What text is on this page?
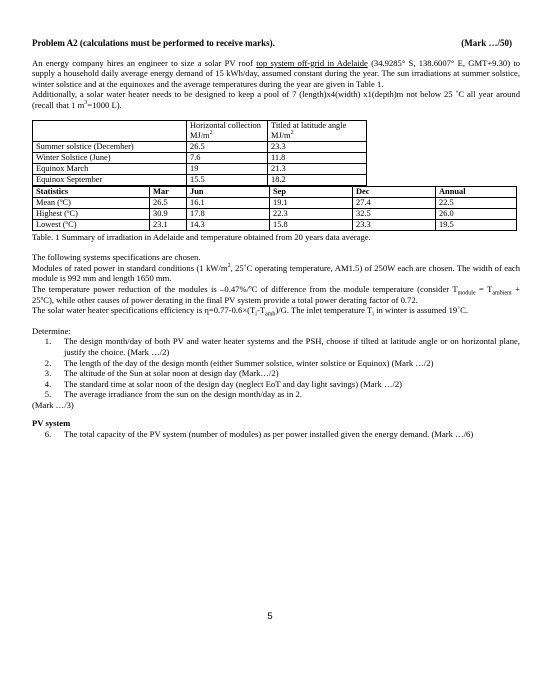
Problem A2 (calculations must be performed to receive marks).	(Mark …/50)

An energy company hires an engineer to size a solar PV roof top system off-grid in Adelaide (34.9285° S, 138.6007° E, GMT+9.30) to supply a household daily average energy demand of 15 kWh/day, assumed constant during the year. The sun irradiations at summer solstice, winter solstice and at the equinoxes and the average temperatures during the year are given in Table 1.

Additionally, a solar water heater needs to be designed to keep a pool of 7 (length)x4(width) x1(depth)m not below 25 ˚C all year around (recall that 1 $m^3=1000$ L).

	Horizontal collection $MJ/m^2$	Titled at latitude angle $MJ/m^2$
Summer solstice (December)	26.5	23.3
Winter Solstice (June)	7.6	11.8
Equinox March	19	21.3
Equinox September	15.5	18.2
Statistics	Mar	Jun	Sep	Dec	Annual
Mean (ºC)	26.5	16.1	19.1	27.4	22.5
Highest (ºC)	30.9	17.8	22.3	32.5	26.0
Lowest (ºC)	23.1	14.3	15.8	23.3	19.5

Table. 1 Summary of irradiation in Adelaide and temperature obtained from 20 years data average.

The following systems specifications are chosen.

Modules of rated power in standard conditions (1 $kW/m^2$, 25˚C operating temperature, AM1.5) of 250W each are chosen. The width of each module is 992 mm and length 1650 mm.

The temperature power reduction of the modules is –0.47%/ºC of difference from the module temperature (consider $T_{module} = T_{ambient}$ + 25ºC), while other causes of power derating in the final PV system provide a total power derating factor of 0.72.

The solar water heater specifications efficiency is $\eta=0.77-0.6\times(T_i-T_{amb})/G$. The inlet temperature $T_i$ in winter is assumed 19˚C.

Determine:

1.	The design month/day of both PV and water heater systems and the PSH, choose if tilted at latitude angle or on horizontal plane, justify the choice. (Mark …/2)

2.	The length of the day of the design month (either Summer solstice, winter solstice or Equinox) (Mark …/2)

3.	The altitude of the Sun at solar noon at design day (Mark…/2)

4.	The standard time at solar noon of the design day (neglect EoT and day light savings) (Mark …/2)

5.	The average irradiance from the sun on the design month/day as in 2.

(Mark …/3)

PV system

6.	The total capacity of the PV system (number of modules) as per power installed given the energy demand. (Mark …/6)

5
